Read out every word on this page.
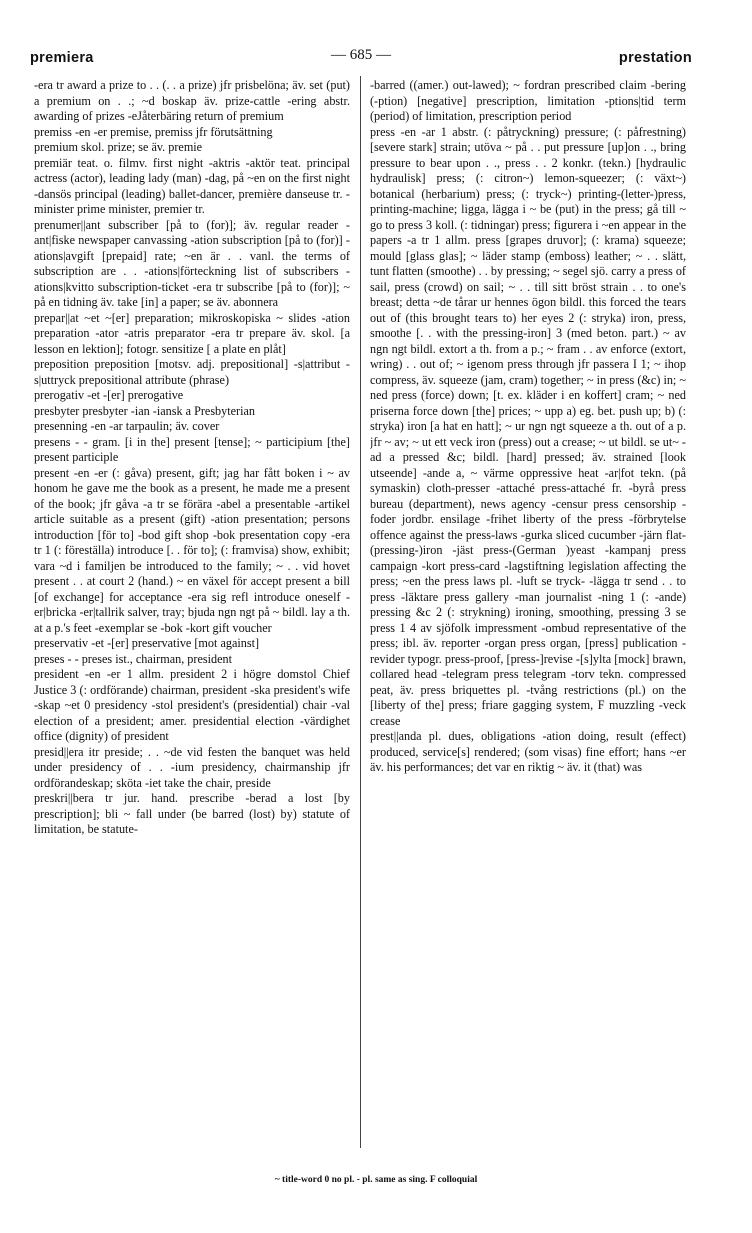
premiera	— 685 —	prestation
-era tr award a prize to . . (. . a prize) jfr prisbelöna; äv. set (put) a premium on . .; ~d boskap äv. prize-cattle -ering abstr. awarding of prizes -eJåterbäring return of premium
premiss -en -er premise, premiss jfr förutsättning
premium skol. prize; se äv. premie
premiär teat. o. filmv. first night -aktris -aktör teat. principal actress (actor), leading lady (man) -dag, på ~en on the first night -dansös principal (leading) ballet-dancer, première danseuse tr. -minister prime minister, premier tr.
prenumer||ant subscriber [på to (for)]; äv. regular reader -ant|fiske newspaper canvassing -ation subscription [på to (for)] -ations|avgift [prepaid] rate; ~en är . . vanl. the terms of subscription are . . -ations|förteckning list of subscribers -ations|kvitto subscription-ticket -era tr subscribe [på to (for)]; ~ på en tidning äv. take [in] a paper; se äv. abonnera
prepar||at ~et ~[er] preparation; mikroskopiska ~ slides -ation preparation -ator -atris preparator -era tr prepare äv. skol. [a lesson en lektion]; fotogr. sensitize [ a plate en plåt]
preposition preposition [motsv. adj. prepositional] -s|attribut -s|uttryck prepositional attribute (phrase)
prerogativ -et -[er] prerogative
presbyter presbyter -ian -iansk a Presbyterian
presenning -en -ar tarpaulin; äv. cover
presens - - gram. [i in the] present [tense]; ~ participium [the] present participle
present -en -er (: gåva) present, gift; jag har fått boken i ~ av honom he gave me the book as a present, he made me a present of the book; jfr gåva -a tr se förära -abel a presentable -artikel article suitable as a present (gift) -ation presentation; persons introduction [för to] -bod gift shop -bok presentation copy -era tr 1 (: föreställa) introduce [. . för to]; (: framvisa) show, exhibit; vara ~d i familjen be introduced to the family; ~ . . vid hovet present . . at court 2 (hand.) ~ en växel för accept present a bill [of exchange] for acceptance -era sig refl introduce oneself -er|bricka -er|tallrik salver, tray; bjuda ngn ngt på ~ bildl. lay a th. at a p.'s feet -exemplar se -bok -kort gift voucher
preservativ -et -[er] preservative [mot against]
preses - - preses ist., chairman, president
president -en -er 1 allm. president 2 i högre domstol Chief Justice 3 (: ordförande) chairman, president -ska president's wife -skap ~et 0 presidency -stol president's (presidential) chair -val election of a president; amer. presidential election -värdighet office (dignity) of president
presid||era itr preside; . . ~de vid festen the banquet was held under presidency of . . -ium presidency, chairmanship jfr ordförandeskap; sköta -iet take the chair, preside
preskri||bera tr jur. hand. prescribe -berad a lost [by prescription]; bli ~ fall under (be barred (lost) by) statute of limitation, be statute-
-barred ((amer.) out-lawed); ~ fordran prescribed claim -bering (-ption) [negative] prescription, limitation -ptions|tid term (period) of limitation, prescription period
press -en -ar 1 abstr. (: påtryckning) pressure; (: påfrestning) [severe stark] strain; utöva ~ på . . put pressure [up]on . ., bring pressure to bear upon . ., press . . 2 konkr. (tekn.) [hydraulic hydraulisk] press; (: citron~) lemon-squeezer; (: växt~) botanical (herbarium) press; (: tryck~) printing-(letter-)press, printing-machine; ligga, lägga i ~ be (put) in the press; gå till ~ go to press 3 koll. (: tidningar) press; figurera i ~en appear in the papers -a tr 1 allm. press [grapes druvor]; (: krama) squeeze; mould [glass glas]; ~ läder stamp (emboss) leather; ~ . . slätt, tunt flatten (smoothe) . . by pressing; ~ segel sjö. carry a press of sail, press (crowd) on sail; ~ . . till sitt bröst strain . . to one's breast; detta ~de tårar ur hennes ögon bildl. this forced the tears out of (this brought tears to) her eyes 2 (: stryka) iron, press, smoothe [. . with the pressing-iron] 3 (med beton. part.) ~ av ngn ngt bildl. extort a th. from a p.; ~ fram . . av enforce (extort, wring) . . out of; ~ igenom press through jfr passera I 1; ~ ihop compress, äv. squeeze (jam, cram) together; ~ in press (&c) in; ~ ned press (force) down; [t. ex. kläder i en koffert] cram; ~ ned priserna force down [the] prices; ~ upp a) eg. bet. push up; b) (: stryka) iron [a hat en hatt]; ~ ur ngn ngt squeeze a th. out of a p. jfr ~ av; ~ ut ett veck iron (press) out a crease; ~ ut bildl. se ut~ -ad a pressed &c; bildl. [hard] pressed; äv. strained [look utseende] -ande a, ~ värme oppressive heat -ar|fot tekn. (på symaskin) cloth-presser -attaché press-attaché fr. -byrå press bureau (department), news agency -censur press censorship -foder jordbr. ensilage -frihet liberty of the press -förbrytelse offence against the press-laws -gurka sliced cucumber -järn flat-(pressing-)iron -jäst press-(German )yeast -kampanj press campaign -kort press-card -lagstiftning legislation affecting the press; ~en the press laws pl. -luft se tryck- -lägga tr send . . to press -läktare press gallery -man journalist -ning 1 (: -ande) pressing &c 2 (: strykning) ironing, smoothing, pressing 3 se press 1 4 av sjöfolk impressment -ombud representative of the press; ibl. äv. reporter -organ press organ, [press] publication -revider typogr. press-proof, [press-]revise -[s]ylta [mock] brawn, collared head -telegram press telegram -torv tekn. compressed peat, äv. press briquettes pl. -tvång restrictions (pl.) on the [liberty of the] press; friare gagging system, F muzzling -veck crease
prest||anda pl. dues, obligations -ation doing, result (effect) produced, service[s] rendered; (som visas) fine effort; hans ~er äv. his performances; det var en riktig ~ äv. it (that) was
~ title-word 0 no pl. - pl. same as sing. F colloquial
